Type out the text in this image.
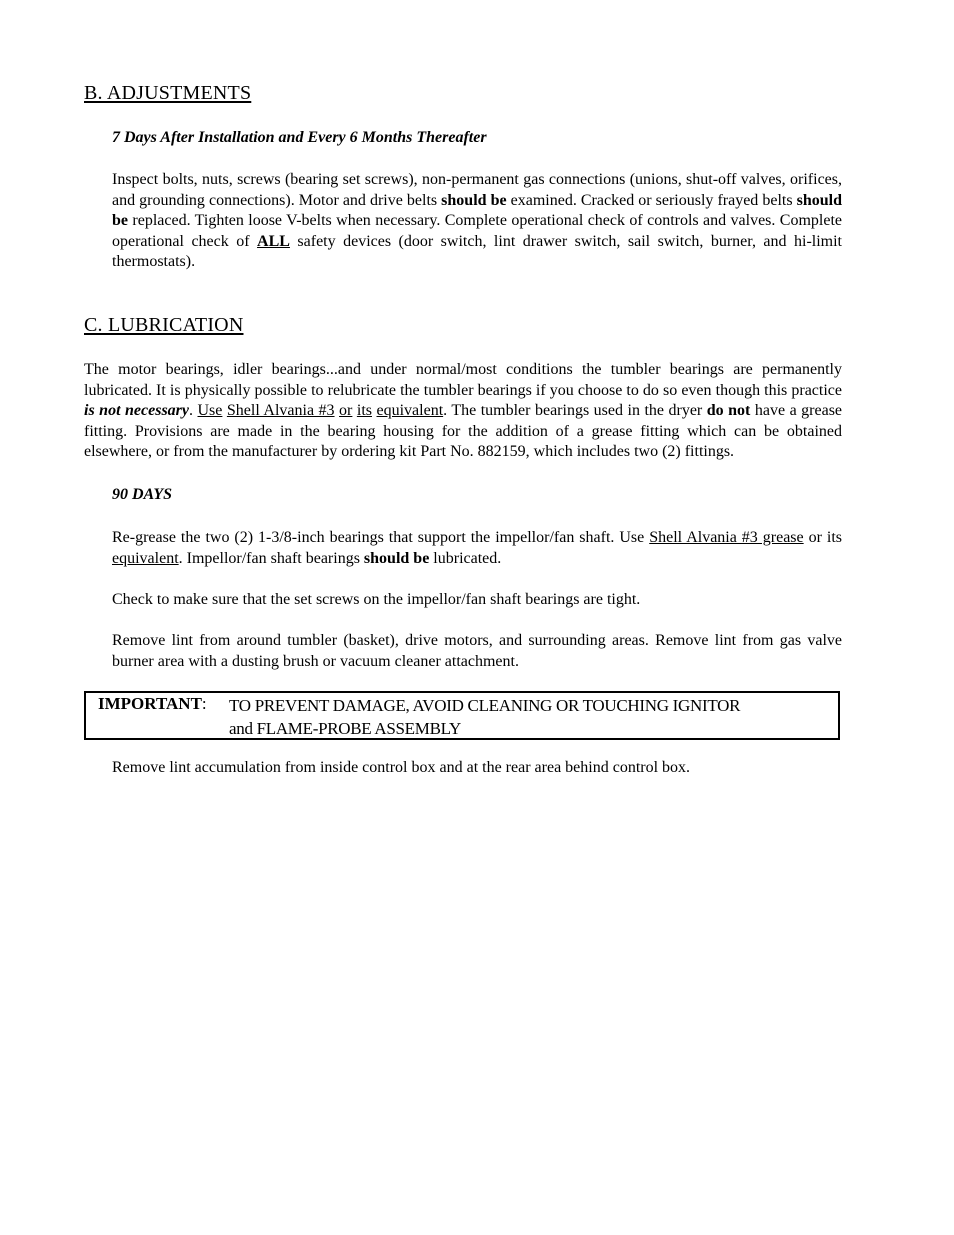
B. ADJUSTMENTS
7 Days After Installation and Every 6 Months Thereafter
Inspect bolts, nuts, screws (bearing set screws), non-permanent gas connections (unions, shut-off valves, orifices, and grounding connections). Motor and drive belts should be examined. Cracked or seriously frayed belts should be replaced. Tighten loose V-belts when necessary. Complete operational check of controls and valves. Complete operational check of ALL safety devices (door switch, lint drawer switch, sail switch, burner, and hi-limit thermostats).
C. LUBRICATION
The motor bearings, idler bearings...and under normal/most conditions the tumbler bearings are permanently lubricated. It is physically possible to relubricate the tumbler bearings if you choose to do so even though this practice is not necessary. Use Shell Alvania #3 or its equivalent. The tumbler bearings used in the dryer do not have a grease fitting. Provisions are made in the bearing housing for the addition of a grease fitting which can be obtained elsewhere, or from the manufacturer by ordering kit Part No. 882159, which includes two (2) fittings.
90 DAYS
Re-grease the two (2) 1-3/8-inch bearings that support the impellor/fan shaft. Use Shell Alvania #3 grease or its equivalent. Impellor/fan shaft bearings should be lubricated.
Check to make sure that the set screws on the impellor/fan shaft bearings are tight.
Remove lint from around tumbler (basket), drive motors, and surrounding areas. Remove lint from gas valve burner area with a dusting brush or vacuum cleaner attachment.
IMPORTANT: TO PREVENT DAMAGE, AVOID CLEANING OR TOUCHING IGNITOR
and FLAME-PROBE ASSEMBLY
Remove lint accumulation from inside control box and at the rear area behind control box.
